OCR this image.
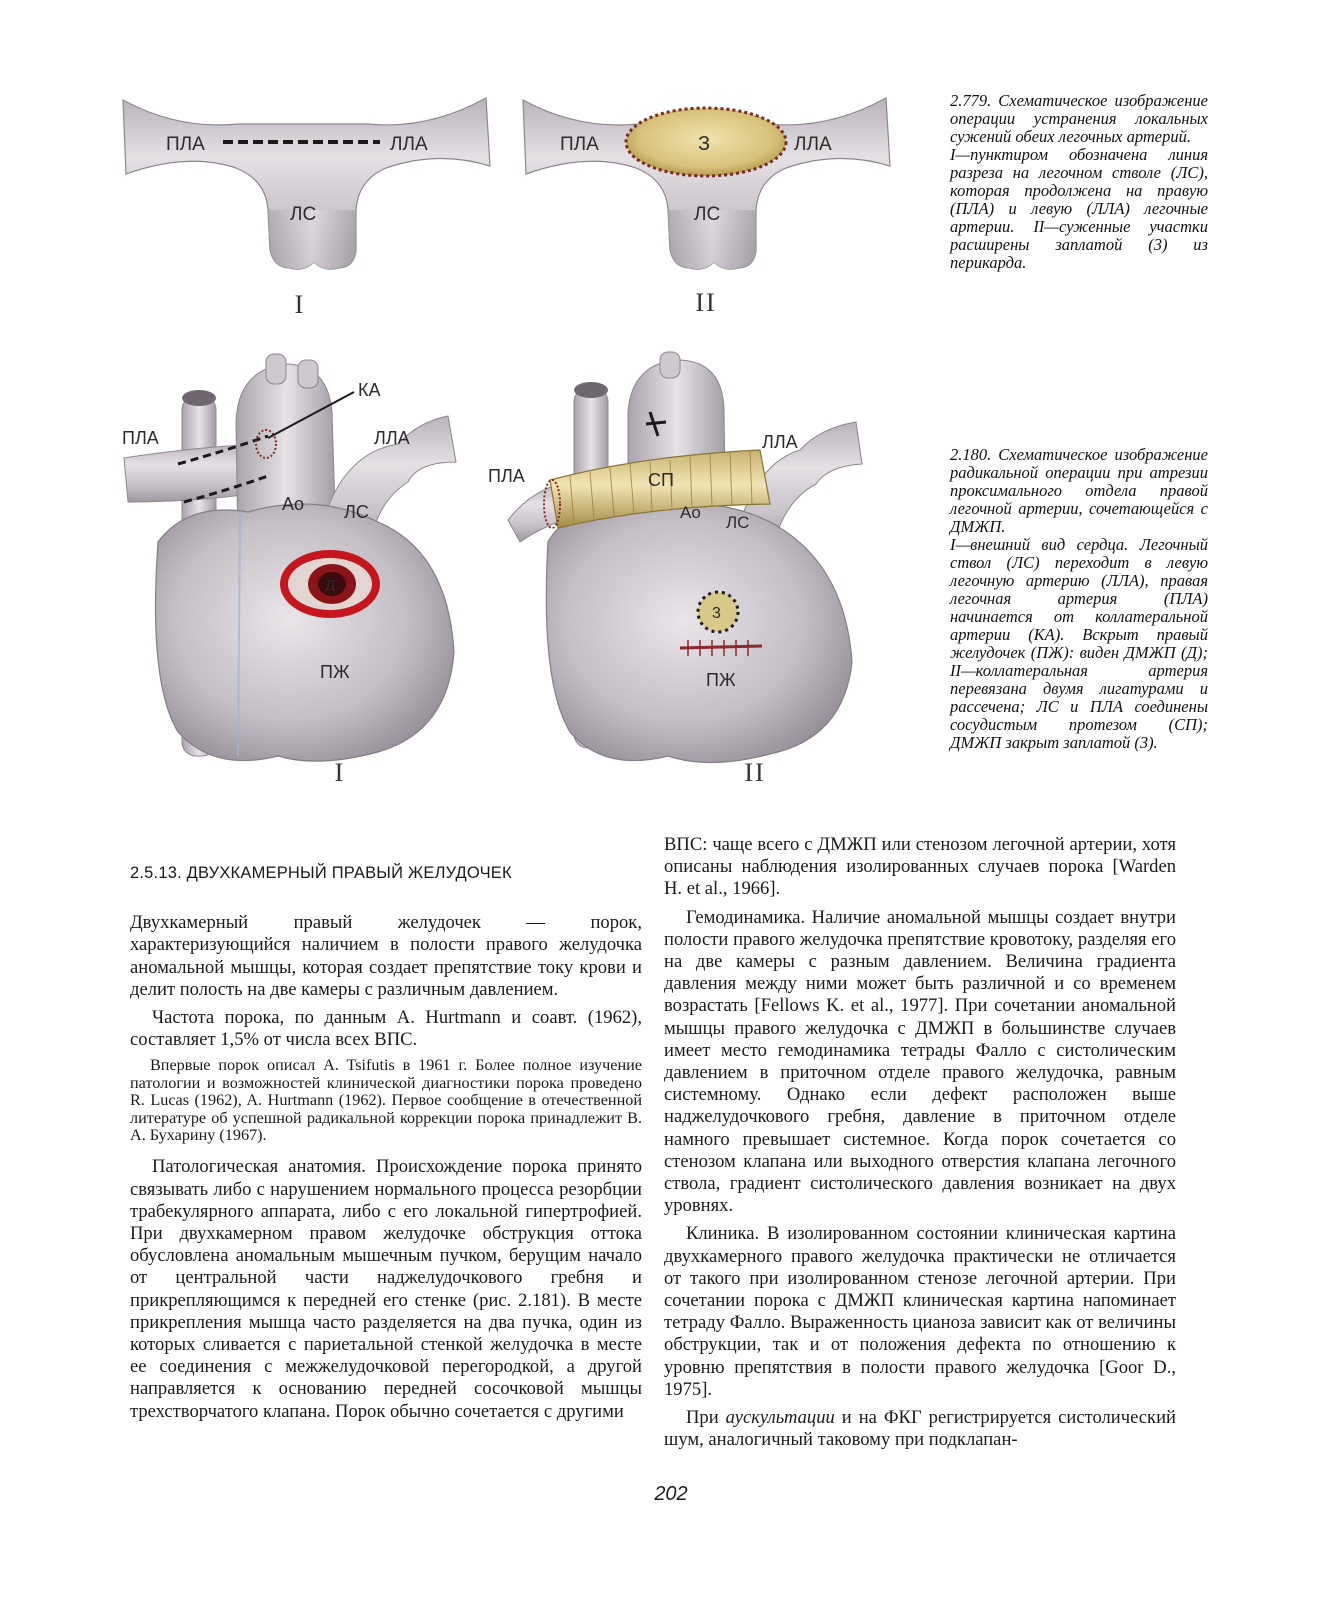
ПЛА	ЛЛА
ЛС
I
ПЛА	ЛЛА
З
ЛС
II

2.779. Схематическое изображение операции устранения локальных сужений обеих легочных артерий.

I—пунктиром обозначена линия разреза на легочном стволе (ЛС), которая продолжена на правую (ПЛА) и левую (ЛЛА) легочные артерии. II—суженные участки расширены заплатой (3) из перикарда.

КА
ПЛА	ЛЛА
Ао ЛС
Д
ПЖ
I
ПЛА
ЛЛА
СП
Ао
ЛС
3
ПЖ
II

2.180. Схематическое изображение радикальной операции при атрезии проксимального отдела правой легочной артерии, сочетающейся с ДМЖП.

I—внешний вид сердца. Легочный ствол (ЛС) переходит в левую легочную артерию (ЛЛА), правая легочная артерия (ПЛА) начинается от коллатеральной артерии (КА). Вскрыт правый желудочек (ПЖ): виден ДМЖП (Д); II—коллатеральная артерия перевязана двумя лигатурами и рассечена; ЛС и ПЛА соединены сосудистым протезом (СП); ДМЖП закрыт заплатой (3).

2.5.13. ДВУХКАМЕРНЫЙ ПРАВЫЙ ЖЕЛУДОЧЕК

Двухкамерный правый желудочек — порок, характеризующийся наличием в полости правого желудочка аномальной мышцы, которая создает препятствие току крови и делит полость на две камеры с различным давлением.

Частота порока, по данным A. Hurtmann и соавт. (1962), составляет 1,5% от числа всех ВПС.

Впервые порок описал A. Tsifutis в 1961 г. Более полное изучение патологии и возможностей клинической диагностики порока проведено R. Lucas (1962), A. Hurtmann (1962). Первое сообщение в отечественной литературе об успешной радикальной коррекции порока принадлежит В. А. Бухарину (1967).

Патологическая анатомия. Происхождение порока принято связывать либо с нарушением нормального процесса резорбции трабекулярного аппарата, либо с его локальной гипертрофией. При двухкамерном правом желудочке обструкция оттока обусловлена аномальным мышечным пучком, берущим начало от центральной части наджелудочкового гребня и прикрепляющимся к передней его стенке (рис. 2.181). В месте прикрепления мышца часто разделяется на два пучка, один из которых сливается с париетальной стенкой желудочка в месте ее соединения с межжелудочковой перегородкой, а другой направляется к основанию передней сосочковой мышцы трехстворчатого клапана. Порок обычно сочетается с другими

ВПС: чаще всего с ДМЖП или стенозом легочной артерии, хотя описаны наблюдения изолированных случаев порока [Warden H. et al., 1966].

Гемодинамика. Наличие аномальной мышцы создает внутри полости правого желудочка препятствие кровотоку, разделяя его на две камеры с разным давлением. Величина градиента давления между ними может быть различной и со временем возрастать [Fellows K. et al., 1977]. При сочетании аномальной мышцы правого желудочка с ДМЖП в большинстве случаев имеет место гемодинамика тетрады Фалло с систолическим давлением в приточном отделе правого желудочка, равным системному. Однако если дефект расположен выше наджелудочкового гребня, давление в приточном отделе намного превышает системное. Когда порок сочетается со стенозом клапана или выходного отверстия клапана легочного ствола, градиент систолического давления возникает на двух уровнях.

Клиника. В изолированном состоянии клиническая картина двухкамерного правого желудочка практически не отличается от такого при изолированном стенозе легочной артерии. При сочетании порока с ДМЖП клиническая картина напоминает тетраду Фалло. Выраженность цианоза зависит как от величины обструкции, так и от положения дефекта по отношению к уровню препятствия в полости правого желудочка [Goor D., 1975].

При аускультации и на ФКГ регистрируется систолический шум, аналогичный таковому при подклапан-

202
